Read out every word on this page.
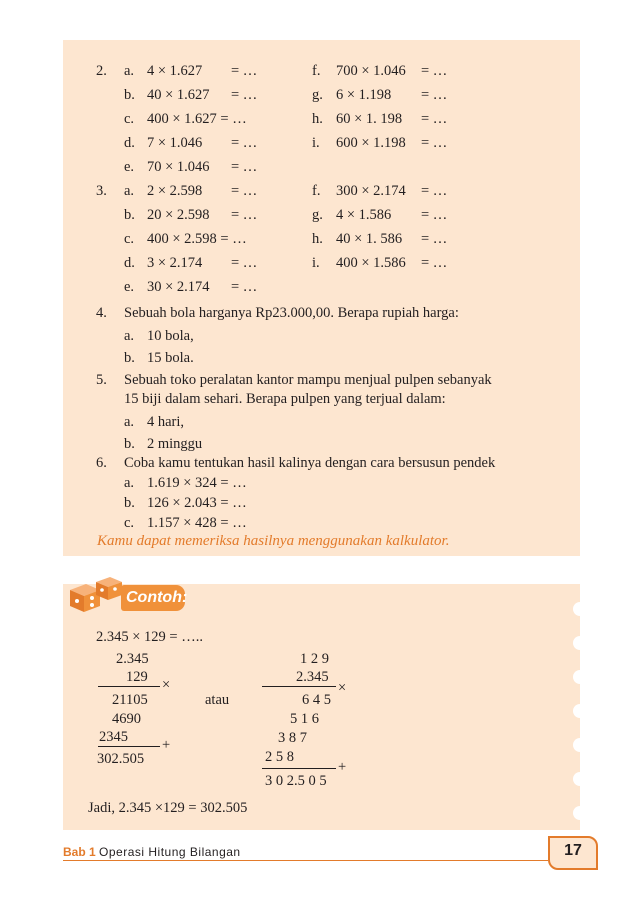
2. a. 4 × 1.627 = …
b. 40 × 1.627 = …
c. 400 × 1.627 = …
d. 7 × 1.046 = …
e. 70 × 1.046 = …
f. 700 × 1.046 = …
g. 6 × 1.198 = …
h. 60 × 1. 198 = …
i. 600 × 1.198 = …
3. a. 2 × 2.598 = …
b. 20 × 2.598 = …
c. 400 × 2.598 = …
d. 3 × 2.174 = …
e. 30 × 2.174 = …
f. 300 × 2.174 = …
g. 4 × 1.586 = …
h. 40 × 1. 586 = …
i. 400 × 1.586 = …
4. Sebuah bola harganya Rp23.000,00. Berapa rupiah harga:
a. 10 bola,
b. 15 bola.
5. Sebuah toko peralatan kantor mampu menjual pulpen sebanyak
15 biji dalam sehari. Berapa pulpen yang terjual dalam:
a. 4 hari,
b. 2 minggu
6. Coba kamu tentukan hasil kalinya dengan cara bersusun pendek
a. 1.619 × 324 = …
b. 126 × 2.043 = …
c. 1.157 × 428 = …
Kamu dapat memeriksa hasilnya menggunakan kalkulator.
Contoh:
2.345 × 129 = …..
2.345
129 ×
21105
4690
2345 +
302.505
atau
1 2 9
2.345
×
6 4 5
5 1 6
3 8 7
2 5 8
+
3 0 2.5 0 5
Jadi, 2.345 ×129 = 302.505
Bab 1 Operasi Hitung Bilangan	17
